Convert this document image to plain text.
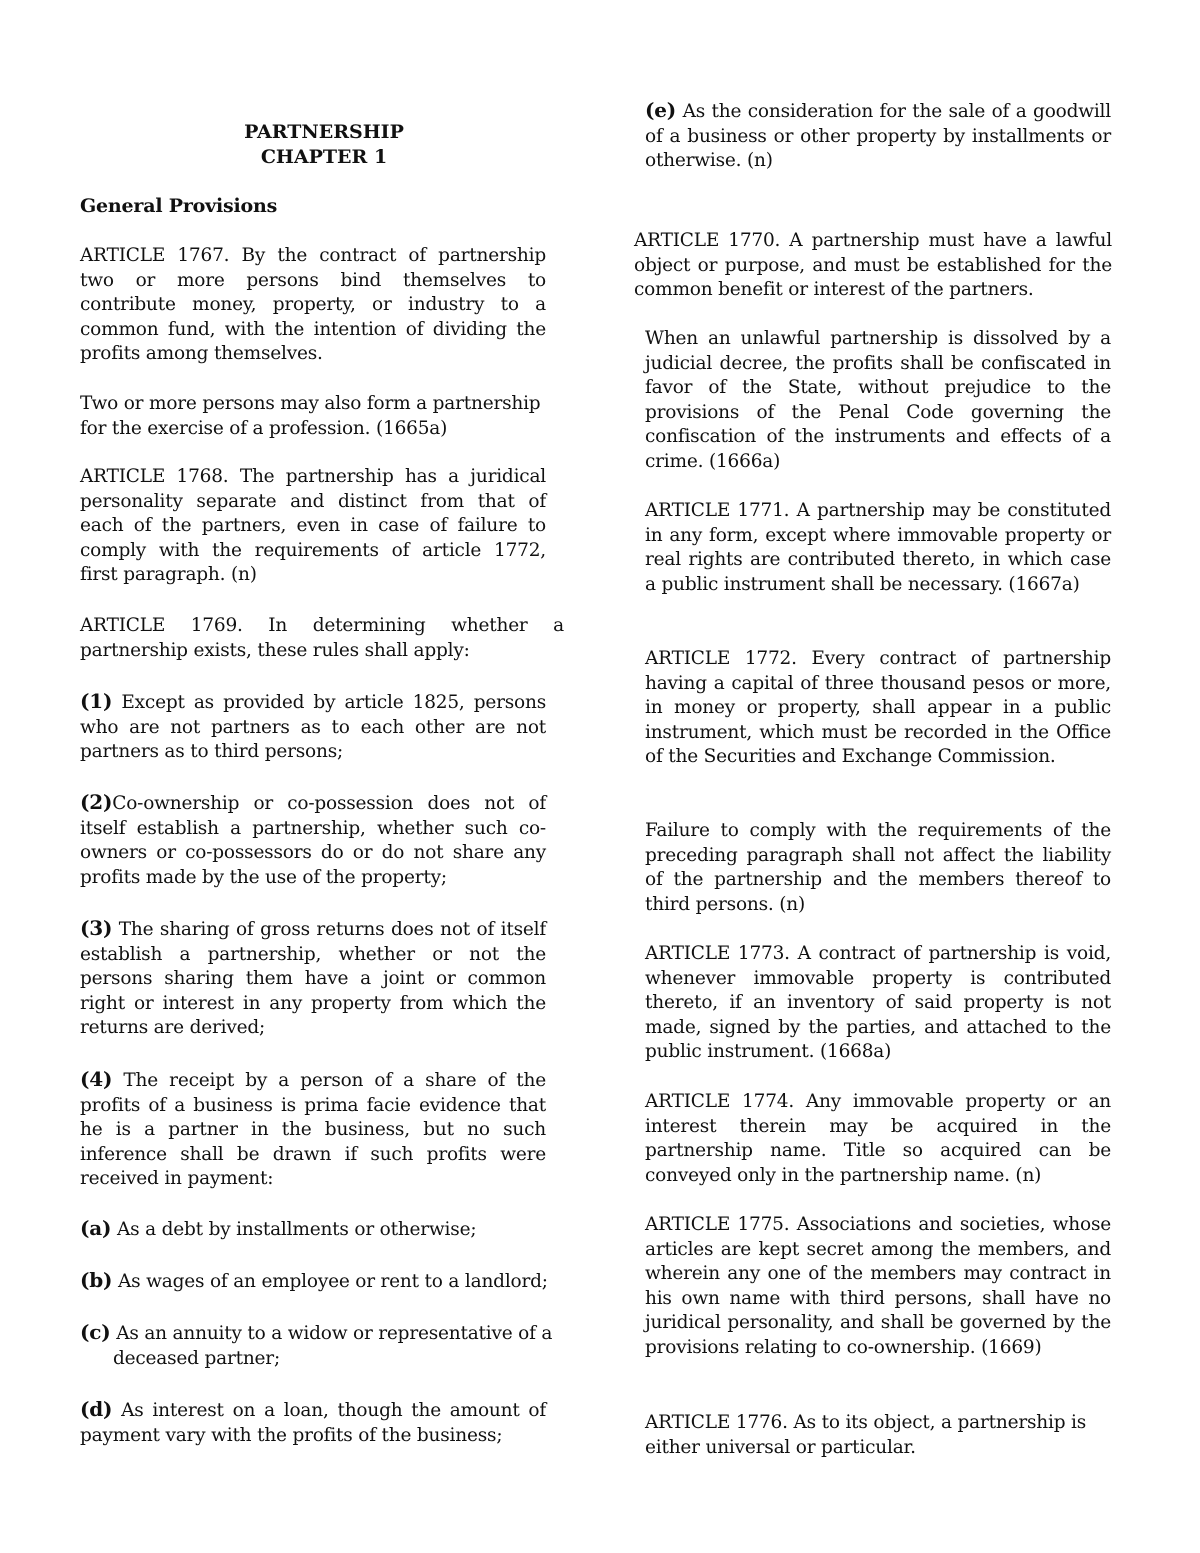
PARTNERSHIP
CHAPTER 1

General Provisions

ARTICLE 1767. By the contract of partnership two or more persons bind themselves to contribute money, property, or industry to a common fund, with the intention of dividing the profits among themselves.

Two or more persons may also form a partnership for the exercise of a profession. (1665a)

ARTICLE 1768. The partnership has a juridical personality separate and distinct from that of each of the partners, even in case of failure to comply with the requirements of article 1772, first paragraph. (n)

ARTICLE 1769. In determining whether a partnership exists, these rules shall apply:

(1) Except as provided by article 1825, persons who are not partners as to each other are not partners as to third persons;

(2)Co-ownership or co-possession does not of itself establish a partnership, whether such co-owners or co-possessors do or do not share any profits made by the use of the property;

(3) The sharing of gross returns does not of itself establish a partnership, whether or not the persons sharing them have a joint or common right or interest in any property from which the returns are derived;

(4) The receipt by a person of a share of the profits of a business is prima facie evidence that he is a partner in the business, but no such inference shall be drawn if such profits were received in payment:

(a) As a debt by installments or otherwise;

(b) As wages of an employee or rent to a landlord;

(c) As an annuity to a widow or representative of a deceased partner;

(d) As interest on a loan, though the amount of payment vary with the profits of the business;

(e) As the consideration for the sale of a goodwill of a business or other property by installments or otherwise. (n)

ARTICLE 1770. A partnership must have a lawful object or purpose, and must be established for the common benefit or interest of the partners.

When an unlawful partnership is dissolved by a judicial decree, the profits shall be confiscated in favor of the State, without prejudice to the provisions of the Penal Code governing the confiscation of the instruments and effects of a crime. (1666a)

ARTICLE 1771. A partnership may be constituted in any form, except where immovable property or real rights are contributed thereto, in which case a public instrument shall be necessary. (1667a)

ARTICLE 1772. Every contract of partnership having a capital of three thousand pesos or more, in money or property, shall appear in a public instrument, which must be recorded in the Office of the Securities and Exchange Commission.

Failure to comply with the requirements of the preceding paragraph shall not affect the liability of the partnership and the members thereof to third persons. (n)

ARTICLE 1773. A contract of partnership is void, whenever immovable property is contributed thereto, if an inventory of said property is not made, signed by the parties, and attached to the public instrument. (1668a)

ARTICLE 1774. Any immovable property or an interest therein may be acquired in the partnership name. Title so acquired can be conveyed only in the partnership name. (n)

ARTICLE 1775. Associations and societies, whose articles are kept secret among the members, and wherein any one of the members may contract in his own name with third persons, shall have no juridical personality, and shall be governed by the provisions relating to co-ownership. (1669)

ARTICLE 1776. As to its object, a partnership is either universal or particular.
